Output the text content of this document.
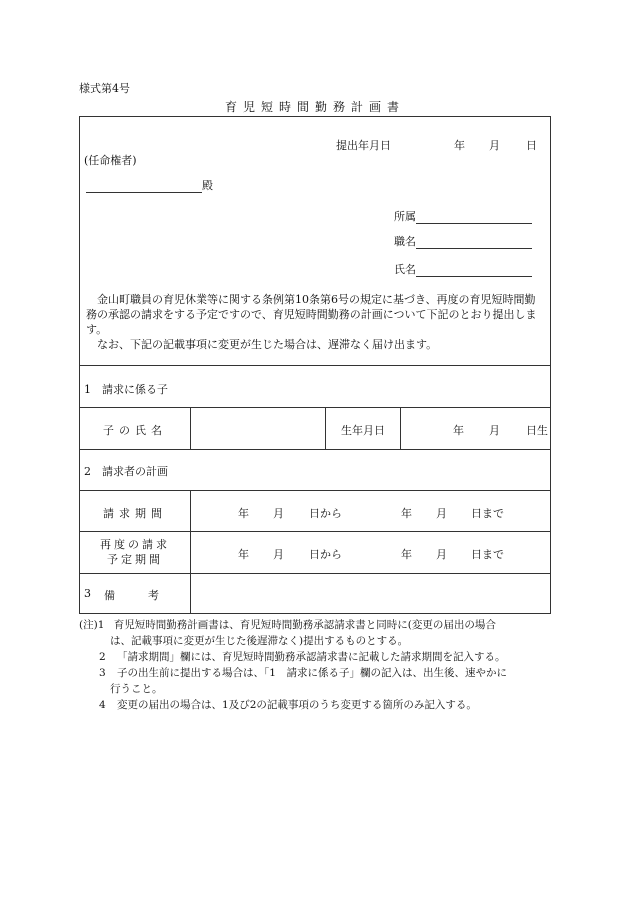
様式第4号
育児短時間勤務計画書
提出年月日	年 月 日
(任命権者)
殿
所属
職名
氏名
金山町職員の育児休業等に関する条例第10条第6号の規定に基づき、再度の育児短時間勤務の承認の請求をする予定ですので、育児短時間勤務の計画について下記のとおり提出します。
なお、下記の記載事項に変更が生じた場合は、遅滞なく届け出ます。
1　請求に係る子
子の氏名	生年月日	年 月 日生
2　請求者の計画
請求期間	年 月 日から	年 月 日まで
再度の請求
予定期間	年 月 日から	年 月 日まで
3 備　　　考
(注)1 育児短時間勤務計画書は、育児短時間勤務承認請求書と同時に(変更の届出の場合
は、記載事項に変更が生じた後遅滞なく)提出するものとする。
2 「請求期間」欄には、育児短時間勤務承認請求書に記載した請求期間を記入する。
3 子の出生前に提出する場合は、「1　請求に係る子」欄の記入は、出生後、速やかに
行うこと。
4 変更の届出の場合は、1及び2の記載事項のうち変更する箇所のみ記入する。
